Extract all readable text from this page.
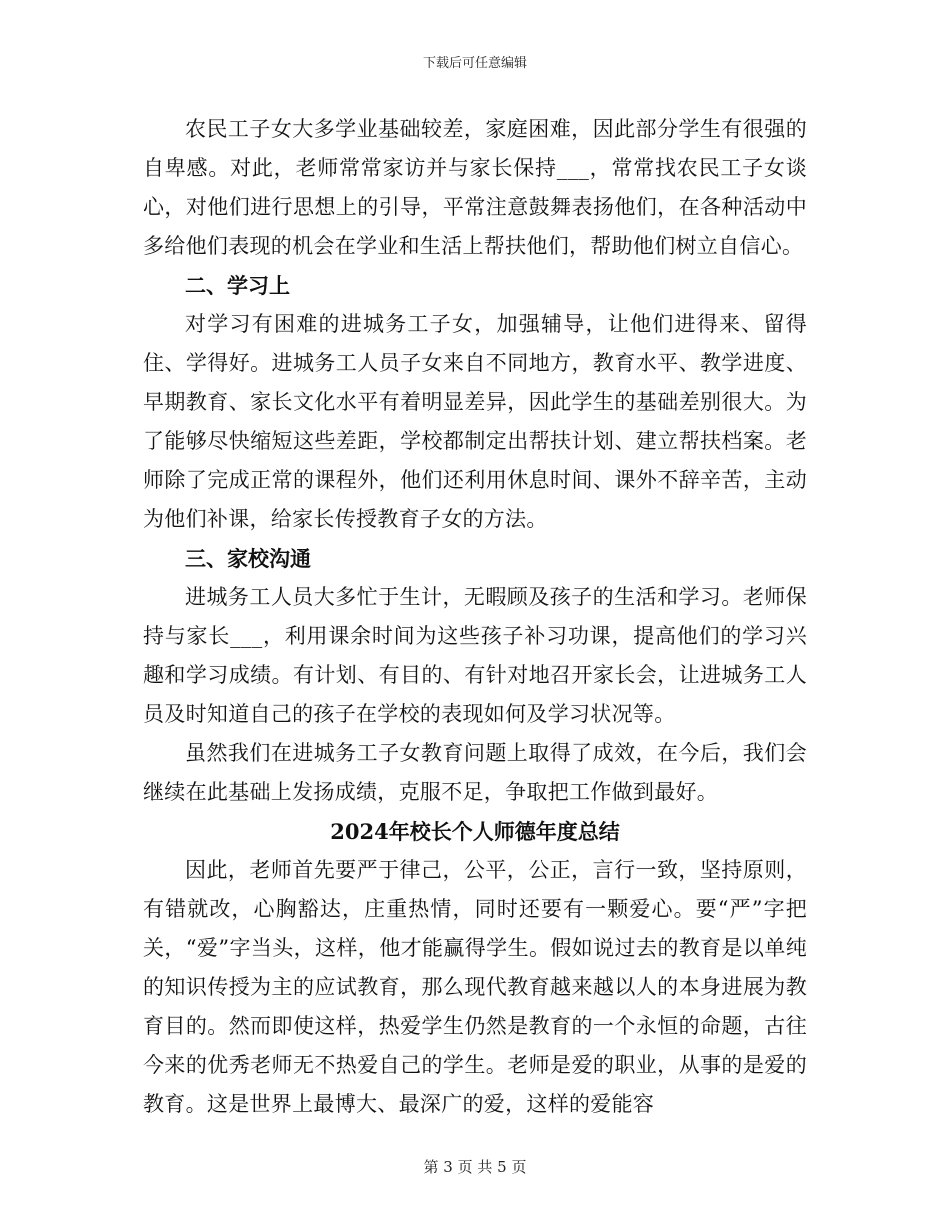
下载后可任意编辑

农民工子女大多学业基础较差，家庭困难，因此部分学生有很强的自卑感。对此，老师常常家访并与家长保持___，常常找农民工子女谈心，对他们进行思想上的引导，平常注意鼓舞表扬他们，在各种活动中多给他们表现的机会在学业和生活上帮扶他们，帮助他们树立自信心。

二、学习上

对学习有困难的进城务工子女，加强辅导，让他们进得来、留得住、学得好。进城务工人员子女来自不同地方，教育水平、教学进度、早期教育、家长文化水平有着明显差异，因此学生的基础差别很大。为了能够尽快缩短这些差距，学校都制定出帮扶计划、建立帮扶档案。老师除了完成正常的课程外，他们还利用休息时间、课外不辞辛苦，主动为他们补课，给家长传授教育子女的方法。

三、家校沟通

进城务工人员大多忙于生计，无暇顾及孩子的生活和学习。老师保持与家长___，利用课余时间为这些孩子补习功课，提高他们的学习兴趣和学习成绩。有计划、有目的、有针对地召开家长会，让进城务工人员及时知道自己的孩子在学校的表现如何及学习状况等。

虽然我们在进城务工子女教育问题上取得了成效，在今后，我们会继续在此基础上发扬成绩，克服不足，争取把工作做到最好。

2024年校长个人师德年度总结

因此，老师首先要严于律己，公平，公正，言行一致，坚持原则，有错就改，心胸豁达，庄重热情，同时还要有一颗爱心。要“严”字把关，“爱”字当头，这样，他才能赢得学生。假如说过去的教育是以单纯的知识传授为主的应试教育，那么现代教育越来越以人的本身进展为教育目的。然而即使这样，热爱学生仍然是教育的一个永恒的命题，古往今来的优秀老师无不热爱自己的学生。老师是爱的职业，从事的是爱的教育。这是世界上最博大、最深广的爱，这样的爱能容

第 3 页 共 5 页
